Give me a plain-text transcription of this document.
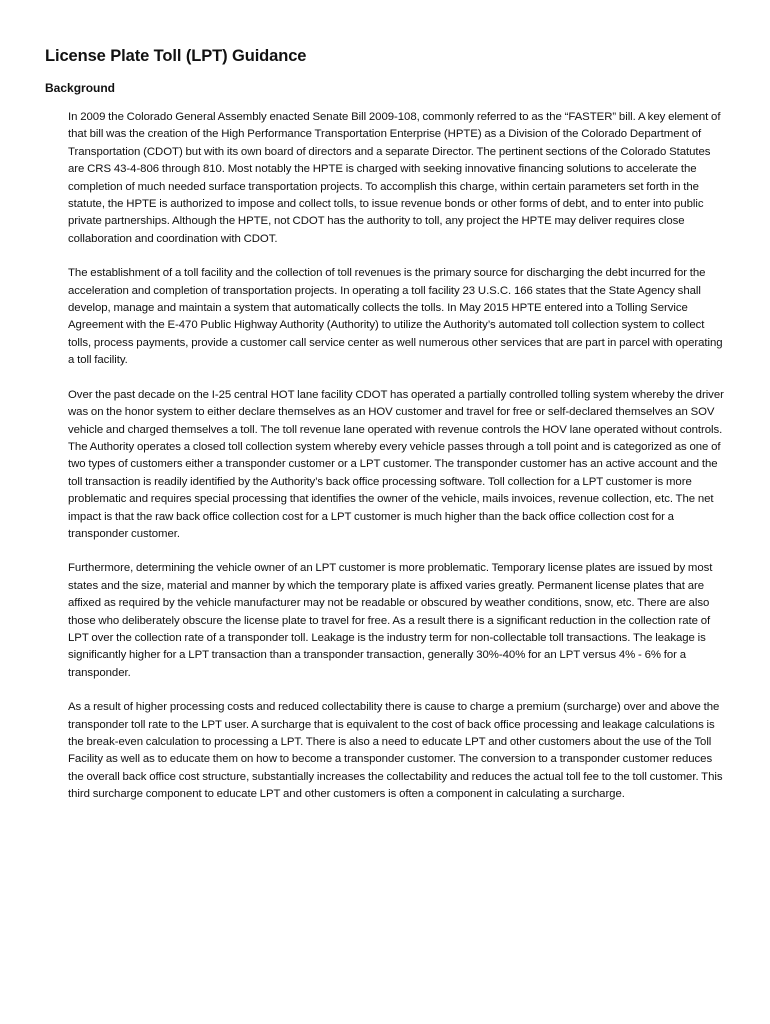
License Plate Toll (LPT) Guidance
Background

In 2009 the Colorado General Assembly enacted Senate Bill 2009-108, commonly referred to as the “FASTER” bill. A key element of that bill was the creation of the High Performance Transportation Enterprise (HPTE) as a Division of the Colorado Department of Transportation (CDOT) but with its own board of directors and a separate Director. The pertinent sections of the Colorado Statutes are CRS 43-4-806 through 810. Most notably the HPTE is charged with seeking innovative financing solutions to accelerate the completion of much needed surface transportation projects. To accomplish this charge, within certain parameters set forth in the statute, the HPTE is authorized to impose and collect tolls, to issue revenue bonds or other forms of debt, and to enter into public private partnerships. Although the HPTE, not CDOT has the authority to toll, any project the HPTE may deliver requires close collaboration and coordination with CDOT.

The establishment of a toll facility and the collection of toll revenues is the primary source for discharging the debt incurred for the acceleration and completion of transportation projects. In operating a toll facility 23 U.S.C. 166 states that the State Agency shall develop, manage and maintain a system that automatically collects the tolls. In May 2015 HPTE entered into a Tolling Service Agreement with the E-470 Public Highway Authority (Authority) to utilize the Authority’s automated toll collection system to collect tolls, process payments, provide a customer call service center as well numerous other services that are part in parcel with operating a toll facility.

Over the past decade on the I-25 central HOT lane facility CDOT has operated a partially controlled tolling system whereby the driver was on the honor system to either declare themselves as an HOV customer and travel for free or self-declared themselves an SOV vehicle and charged themselves a toll. The toll revenue lane operated with revenue controls the HOV lane operated without controls. The Authority operates a closed toll collection system whereby every vehicle passes through a toll point and is categorized as one of two types of customers either a transponder customer or a LPT customer. The transponder customer has an active account and the toll transaction is readily identified by the Authority’s back office processing software. Toll collection for a LPT customer is more problematic and requires special processing that identifies the owner of the vehicle, mails invoices, revenue collection, etc. The net impact is that the raw back office collection cost for a LPT customer is much higher than the back office collection cost for a transponder customer.

Furthermore, determining the vehicle owner of an LPT customer is more problematic. Temporary license plates are issued by most states and the size, material and manner by which the temporary plate is affixed varies greatly. Permanent license plates that are affixed as required by the vehicle manufacturer may not be readable or obscured by weather conditions, snow, etc. There are also those who deliberately obscure the license plate to travel for free. As a result there is a significant reduction in the collection rate of LPT over the collection rate of a transponder toll. Leakage is the industry term for non-collectable toll transactions. The leakage is significantly higher for a LPT transaction than a transponder transaction, generally 30%-40% for an LPT versus 4% - 6% for a transponder.

As a result of higher processing costs and reduced collectability there is cause to charge a premium (surcharge) over and above the transponder toll rate to the LPT user. A surcharge that is equivalent to the cost of back office processing and leakage calculations is the break-even calculation to processing a LPT. There is also a need to educate LPT and other customers about the use of the Toll Facility as well as to educate them on how to become a transponder customer. The conversion to a transponder customer reduces the overall back office cost structure, substantially increases the collectability and reduces the actual toll fee to the toll customer. This third surcharge component to educate LPT and other customers is often a component in calculating a surcharge.
